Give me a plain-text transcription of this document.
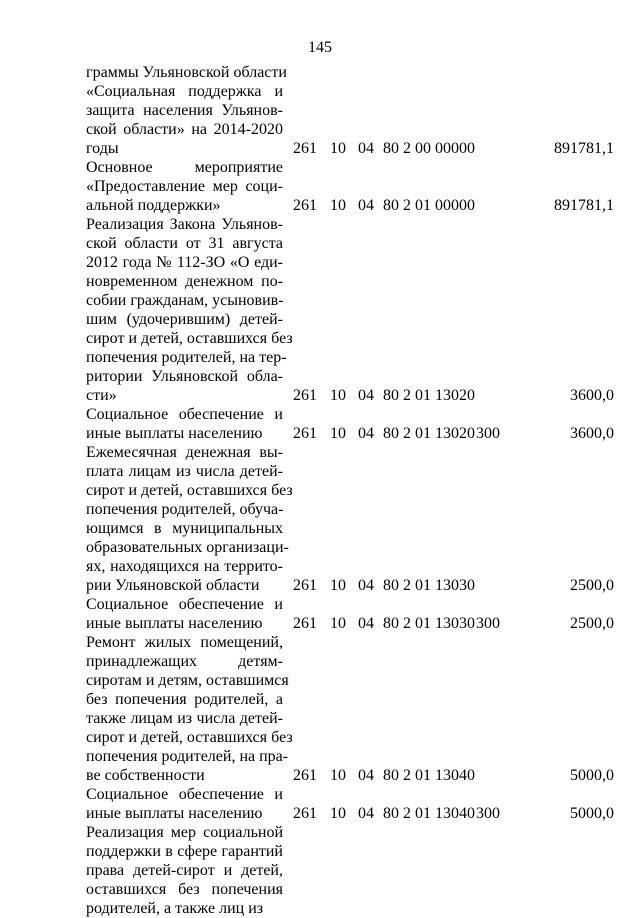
145
граммы Ульяновской области
«Социальная поддержка и
защита населения Ульянов-
ской области» на 2014-2020
годы	261 10 04 80 2 00 00000	891781,1
Основное мероприятие
«Предоставление мер соци-
альной поддержки»	261 10 04 80 2 01 00000	891781,1
Реализация Закона Ульянов-
ской области от 31 августа
2012 года № 112-ЗО «О еди-
новременном денежном по-
собии гражданам, усыновив-
шим (удочерившим) детей-
сирот и детей, оставшихся без
попечения родителей, на тер-
ритории Ульяновской обла-
сти»	261 10 04 80 2 01 13020	3600,0
Социальное обеспечение и
иные выплаты населению	261 10 04 80 2 01 13020 300	3600,0
Ежемесячная денежная вы-
плата лицам из числа детей-
сирот и детей, оставшихся без
попечения родителей, обуча-
ющимся в муниципальных
образовательных организаци-
ях, находящихся на террито-
рии Ульяновской области	261 10 04 80 2 01 13030	2500,0
Социальное обеспечение и
иные выплаты населению	261 10 04 80 2 01 13030 300	2500,0
Ремонт жилых помещений,
принадлежащих детям-
сиротам и детям, оставшимся
без попечения родителей, а
также лицам из числа детей-
сирот и детей, оставшихся без
попечения родителей, на пра-
ве собственности	261 10 04 80 2 01 13040	5000,0
Социальное обеспечение и
иные выплаты населению	261 10 04 80 2 01 13040 300	5000,0
Реализация мер социальной
поддержки в сфере гарантий
права детей-сирот и детей,
оставшихся без попечения
родителей, а также лиц из
